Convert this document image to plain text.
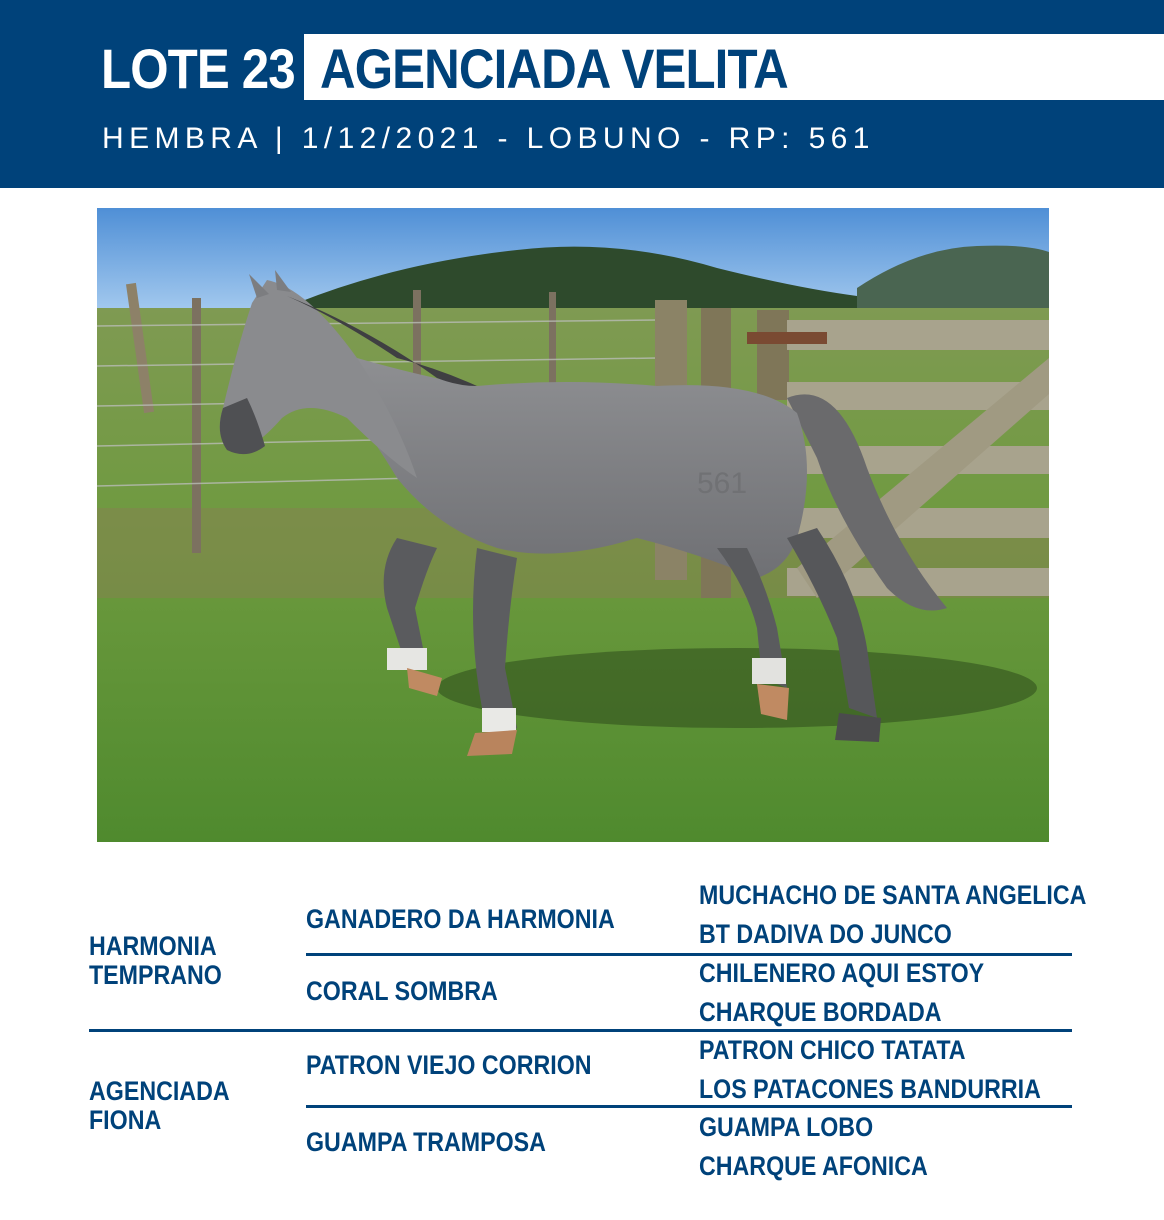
LOTE 23 AGENCIADA VELITA
HEMBRA | 1/12/2021 - LOBUNO - RP: 561
561
HARMONIA
TEMPRANO
AGENCIADA
FIONA
GANADERO DA HARMONIA
CORAL SOMBRA
PATRON VIEJO CORRION
GUAMPA TRAMPOSA
MUCHACHO DE SANTA ANGELICA
BT DADIVA DO JUNCO
CHILENERO AQUI ESTOY
CHARQUE BORDADA
PATRON CHICO TATATA
LOS PATACONES BANDURRIA
GUAMPA LOBO
CHARQUE AFONICA
